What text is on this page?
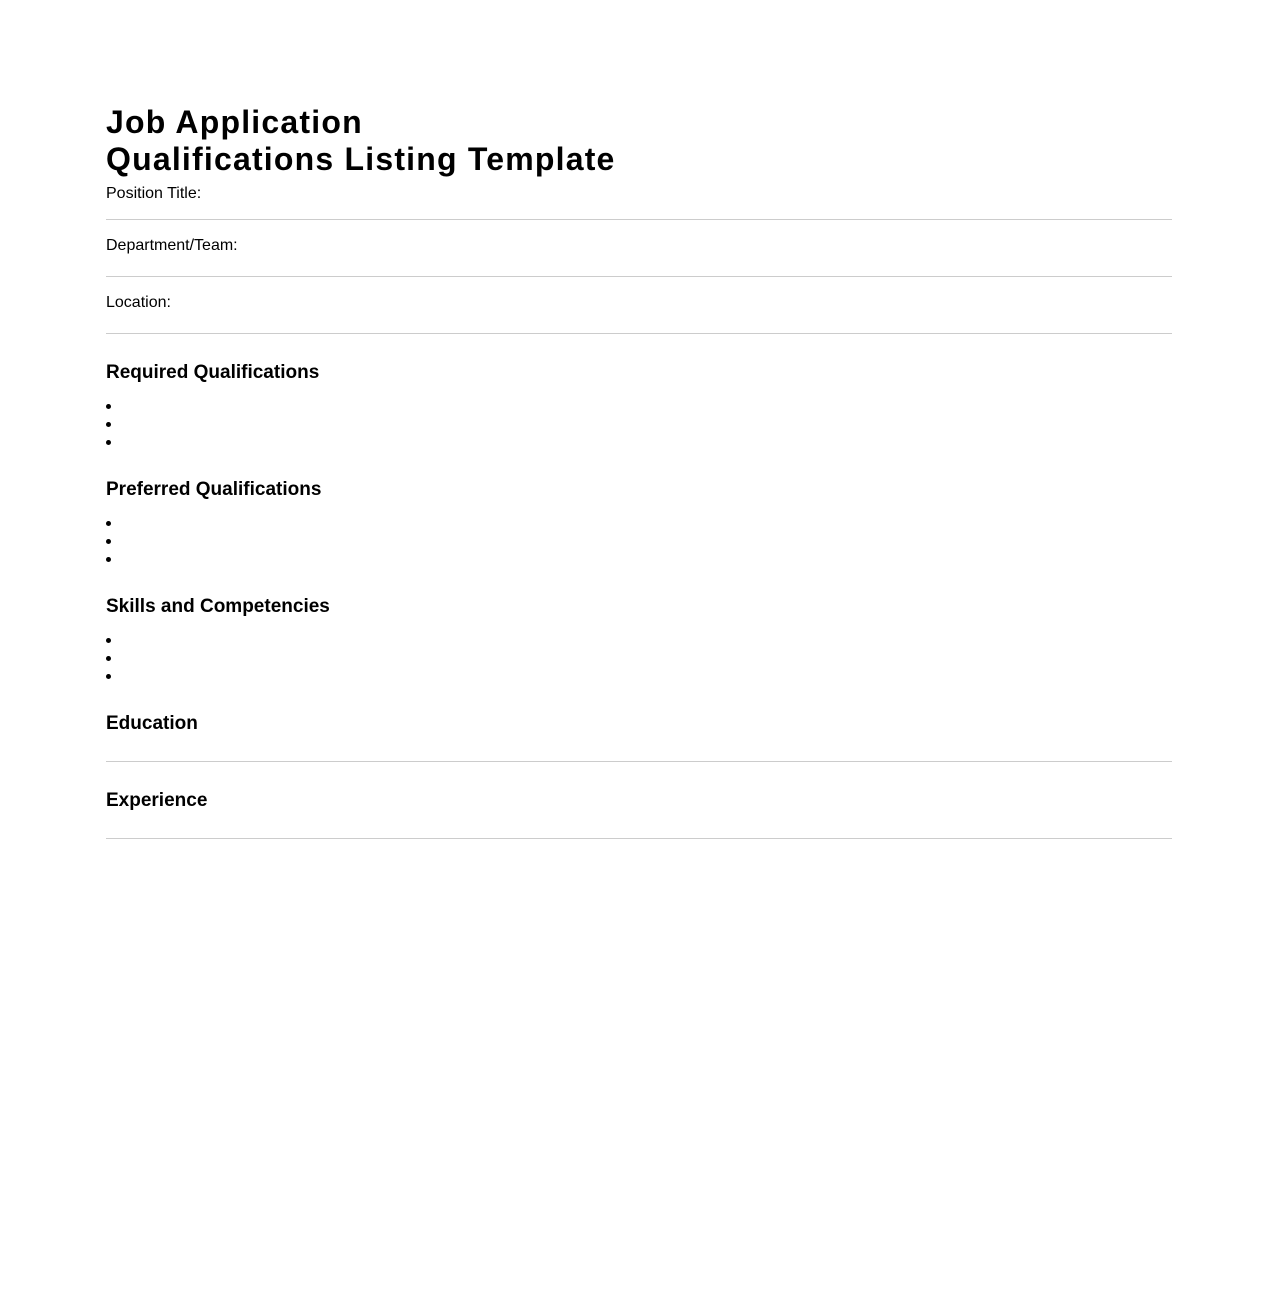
Job Application
Qualifications Listing Template
Position Title:
Department/Team:
Location:
Required Qualifications
Preferred Qualifications
Skills and Competencies
Education
Experience
